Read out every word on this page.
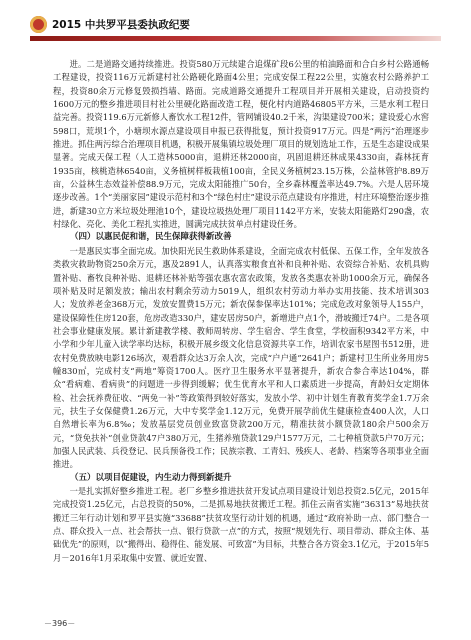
2015 中共罗平县委执政纪要

进。二是道路交通持续推进。投资580万元续建合追煤矿段6公里的柏油路面和合白乡村公路通畅工程建设，投资116万元新建村社公路硬化路面4公里；完成安保工程22公里，实施农村公路养护工程，投资80余万元修复毁损挡墙、路面。完成道路交通提升工程项目并开展相关建设，启动投资约1600万元的整乡推进项目村社公里硬化路面改造工程，便化村内道路46805平方米，三是水利工程日益完善。投资119.6万元新修人畜饮水工程12件，管网铺设40.2千米，沟渠建设700米；建设爱心水窖598口，荒坝1个，小塘坝水源点建设项目申报已获得批复，预计投资917万元。四是“两污”治理逐步推进。抓住两污综合治理项目机遇，积极开展集镇垃圾处理厂项目的规划选址工作，五是生态建设成果显著。完成天保工程（人工造林5000亩，退耕还林2000亩，巩固退耕还林成果4330亩，森林抚育1935亩，核桃造林6540亩，义务植树样板栽植100亩，全民义务植树23.15万株，公益林管护8.89万亩，公益林生态效益补偿88.9万元，完成太阳能推广50台，全乡森林覆盖率达49.7%。六是人居环境逐步改善。1个“美丽家园”建设示范村和3个“绿色村庄”建设示范点建设有序推进，村庄环境整治逐步推进，新建30立方米垃圾处理池10个，建设垃圾热处理厂项目1142平方米，安装太阳能路灯290盏，农村绿化、亮化、美化工程扎实推进，圆满完成扶贫单点村建设任务。

（四）以惠民促和谐，民生保障获得新改善

一是惠民实事全面完成。加快阳光民生救助体系建设，全面完成农村低保、五保工作，全年发放各类救灾救助物资250余万元，惠及2891人，认真落实粮食直补和良种补贴、农资综合补贴、农机具购置补贴、畜牧良种补贴、退耕还林补贴等强农惠农富农政策，发放各类惠农补助1000余万元，确保各项补贴及时足额发放；输出农村剩余劳动力5019人，组织农村劳动力举办实用技能、技术培训303人；发放养老金368万元，发放安置费15万元；新农保参保率达101%；完成危改对象领导人155户，建设保障性住房120套，危房改造330户，建安居房50户，新增进户点1个，滑坡搬迁74户。二是各项社会事业健康发展。累计新建教学楼、教师周转房、学生宿舍、学生食堂，学校面积9342平方米，中小学和少年儿童入读学率均达标，积极开展乡级文化信息资源共享工作，培训农家书屋图书512册，进农村免费放映电影126场次，观看群众达3万余人次，完成“户户通”2641户；新建村卫生所业务用房5幢830㎡，完成村支“两地”筹资1700人。医疗卫生服务水平显著提升，新农合参合率达104%，群众“看病难、看病贵”的问题进一步得到缓解；优生优育水平和人口素质进一步提高，育龄妇女定期体检、社会抚养费征收、“两免一补”等政策得到较好落实，发放小学、初中计划生育教育奖学金1.7万余元，扶生子女保健费1.26万元，大中专奖学金1.12万元，免费开展孕前优生健康检查400人次，人口自然增长率为6.8‰；发放基层党员创业致富贷款200万元，精准扶贫小额贷款180余户500余万元，“贷免扶补”创业贷款47户380万元，生猪养殖贷款129户1577万元，二七种植贷款5户70万元；加强人民武装、兵役登记、民兵预备役工作；民族宗教、工青妇、残疾人、老龄、档案等各项事业全面推进。

（五）以项目促建设，内生动力得到新提升

一是扎实抓好整乡推进工程。老厂乡整乡推进扶贫开发试点项目建设计划总投资2.5亿元，2015年完成投资1.25亿元，占总投资的50%，二是抓易地扶贫搬迁工程。抓住云南省实施“36313”易地扶贫搬迁三年行动计划和罗平县实施“33688”扶贫攻坚行动计划的机遇，通过“政府补助一点、部门整合一点、群众投入一点、社会帮扶一点、银行贷款一点”的方式，按照“规划先行、项目带动、群众主体、基础优先”的原则，以“搬得出、稳得住、能发展、可致富”为目标，共整合各方资金3.1亿元，于2015年5月－2016年1月采取集中安置、就近安置、

－396－
